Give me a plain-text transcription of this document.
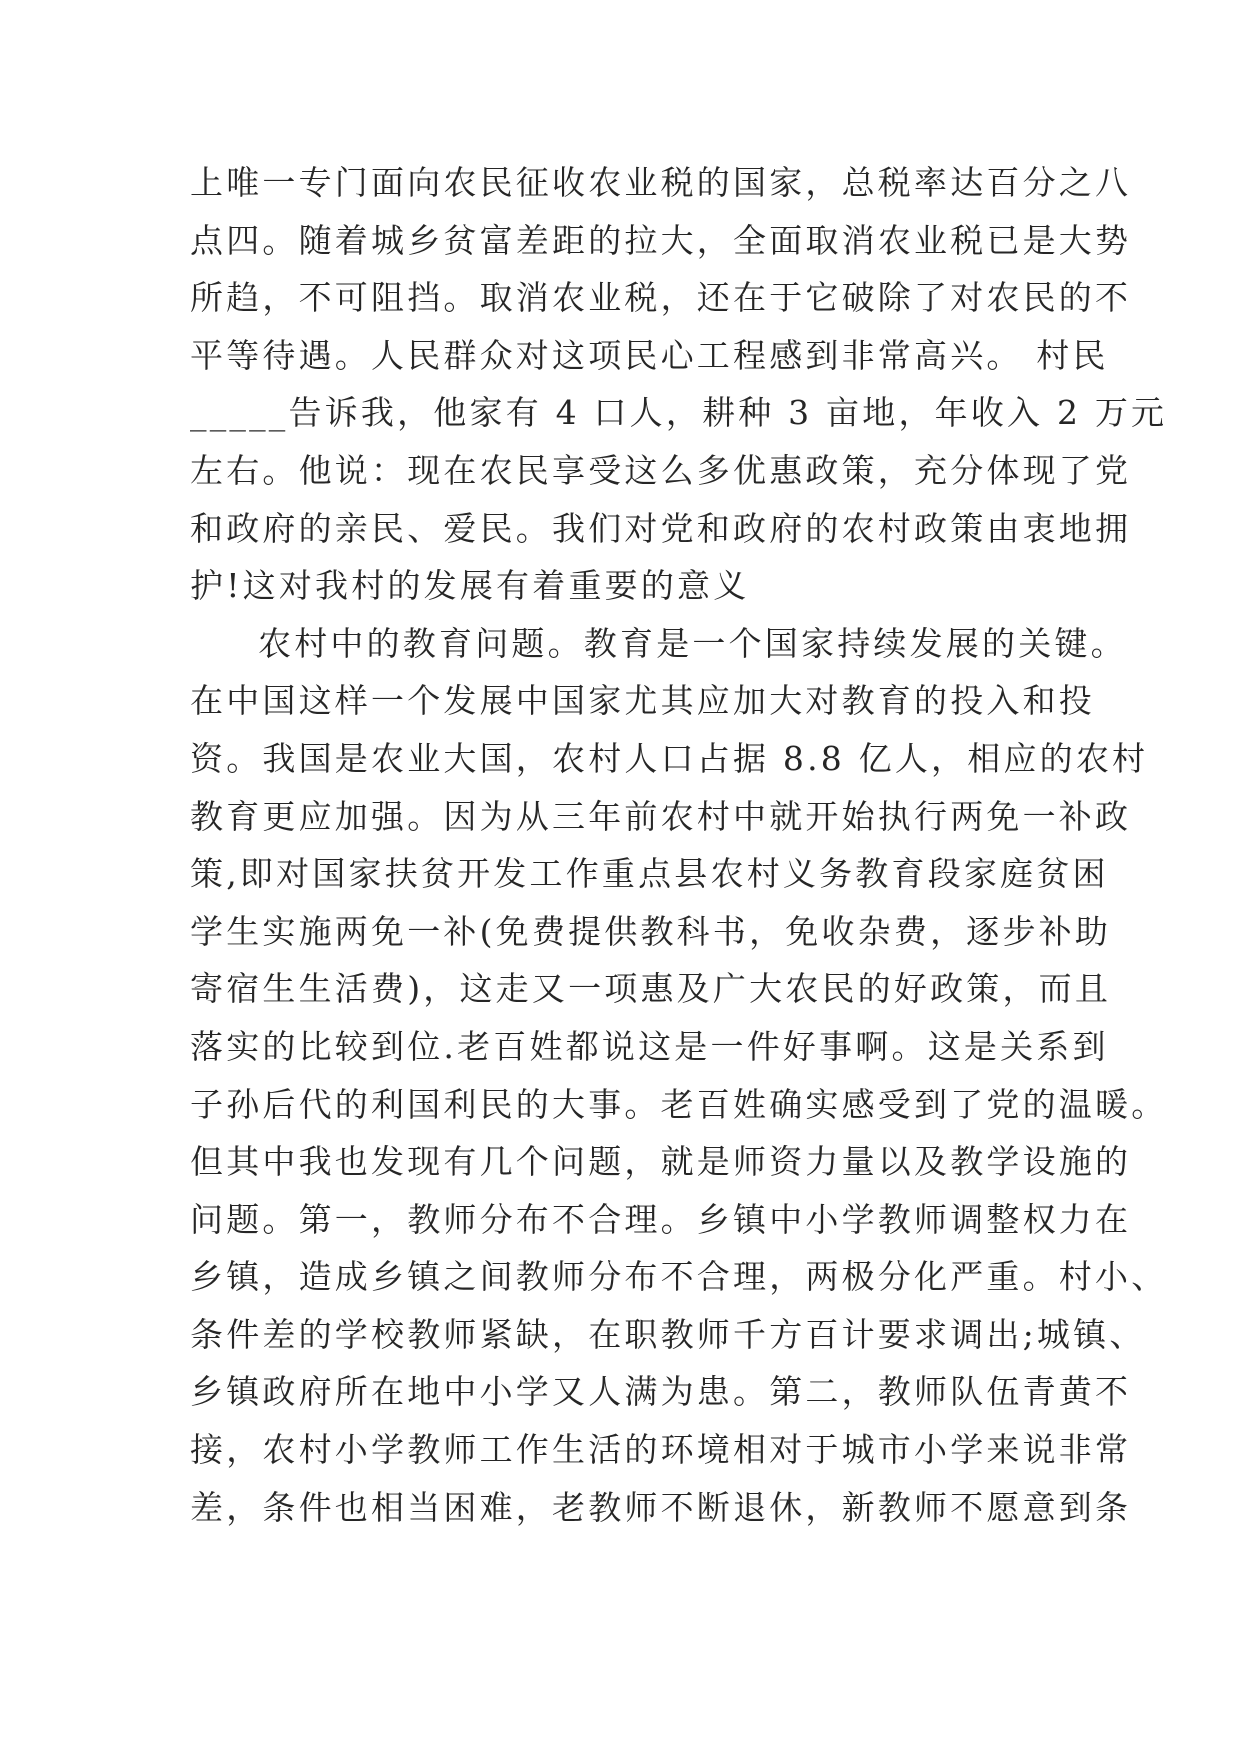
上唯一专门面向农民征收农业税的国家，总税率达百分之八
点四。随着城乡贫富差距的拉大，全面取消农业税已是大势
所趋，不可阻挡。取消农业税，还在于它破除了对农民的不
平等待遇。人民群众对这项民心工程感到非常高兴。 村民
_____告诉我，他家有 4 口人，耕种 3 亩地，年收入 2 万元
左右。他说：现在农民享受这么多优惠政策，充分体现了党
和政府的亲民、爱民。我们对党和政府的农村政策由衷地拥
护!这对我村的发展有着重要的意义
农村中的教育问题。教育是一个国家持续发展的关键。
在中国这样一个发展中国家尤其应加大对教育的投入和投
资。我国是农业大国，农村人口占据 8.8 亿人，相应的农村
教育更应加强。因为从三年前农村中就开始执行两免一补政
策,即对国家扶贫开发工作重点县农村义务教育段家庭贫困
学生实施两免一补(免费提供教科书，免收杂费，逐步补助
寄宿生生活费)，这走又一项惠及广大农民的好政策，而且
落实的比较到位.老百姓都说这是一件好事啊。这是关系到
子孙后代的利国利民的大事。老百姓确实感受到了党的温暖。
但其中我也发现有几个问题，就是师资力量以及教学设施的
问题。第一，教师分布不合理。乡镇中小学教师调整权力在
乡镇，造成乡镇之间教师分布不合理，两极分化严重。村小、
条件差的学校教师紧缺，在职教师千方百计要求调出;城镇、
乡镇政府所在地中小学又人满为患。第二，教师队伍青黄不
接，农村小学教师工作生活的环境相对于城市小学来说非常
差，条件也相当困难，老教师不断退休，新教师不愿意到条
